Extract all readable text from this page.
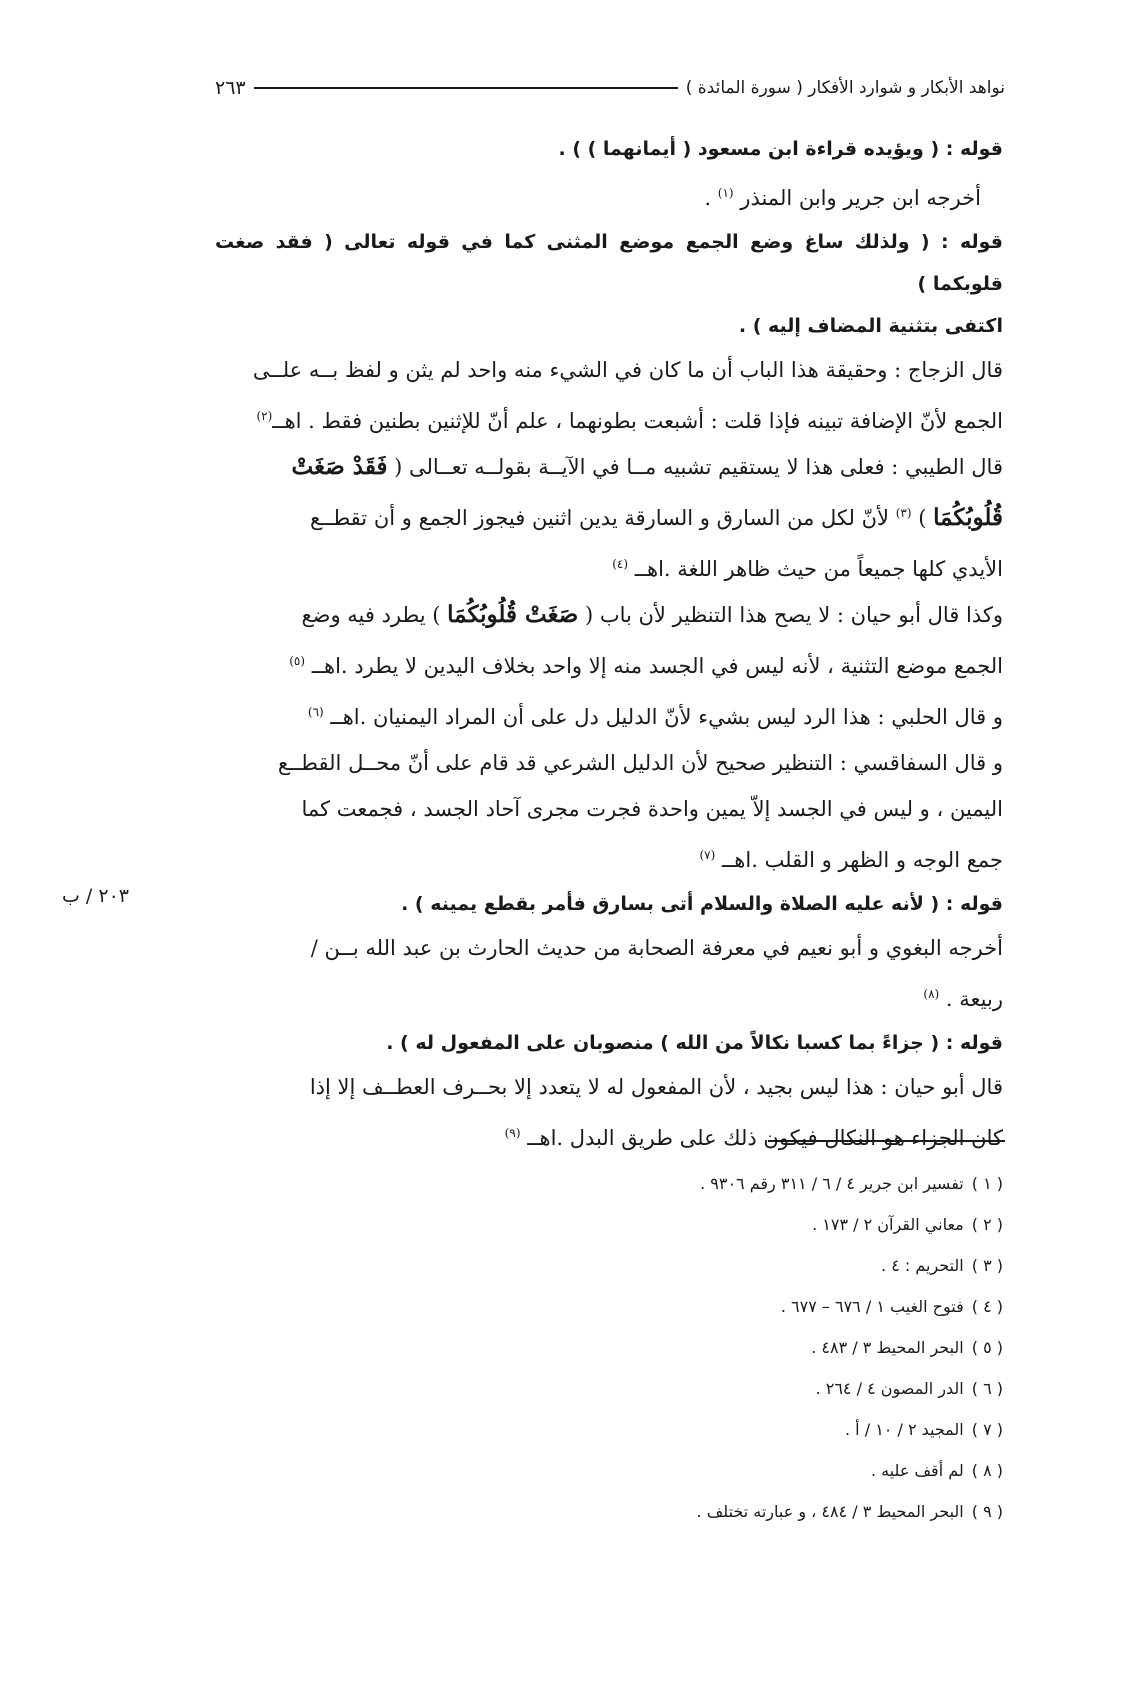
نواهد الأبكار و شوارد الأفكار ( سورة المائدة )
٢٦٣

قوله : ( ويؤيده قراءة ابن مسعود ( أيمانهما ) ) .

أخرجه ابن جرير وابن المنذر $^{(١)}$ .

قوله : ( ولذلك ساغ وضع الجمع موضع المثنى كما في قوله تعالى ( فقد صغت قلوبكما )

اكتفى بتثنية المضاف إليه ) .

قال الزجاج : وحقيقة هذا الباب أن ما كان في الشيء منه واحد لم يثن و لفظ بــه علــى

الجمع لأنّ الإضافة تبينه فإذا قلت : أشبعت بطونهما ، علم أنّ للإثنين بطنين فقط . اهــ$^{(٢)}$

قال الطيبي : فعلى هذا لا يستقيم تشبيه مــا في الآيــة بقولــه تعــالى ( فَقَدْ صَغَتْ

قُلُوبُكُمَا ) $^{(٣)}$ لأنّ لكل من السارق و السارقة يدين اثنين فيجوز الجمع و أن تقطــع

الأيدي كلها جميعاً من حيث ظاهر اللغة .اهــ $^{(٤)}$

وكذا قال أبو حيان : لا يصح هذا التنظير لأن باب ( صَغَتْ قُلُوبُكُمَا ) يطرد فيه وضع

الجمع موضع التثنية ، لأنه ليس في الجسد منه إلا واحد بخلاف اليدين لا يطرد .اهــ $^{(٥)}$

و قال الحلبي : هذا الرد ليس بشيء لأنّ الدليل دل على أن المراد اليمنيان .اهــ $^{(٦)}$

و قال السفاقسي : التنظير صحيح لأن الدليل الشرعي قد قام على أنّ محــل القطــع

اليمين ، و ليس في الجسد إلاّ يمين واحدة فجرت مجرى آحاد الجسد ، فجمعت كما

جمع الوجه و الظهر و القلب .اهــ $^{(٧)}$

قوله : ( لأنه عليه الصلاة والسلام أتى بسارق فأمر بقطع يمينه ) .

أخرجه البغوي و أبو نعيم في معرفة الصحابة من حديث الحارث بن عبد الله بــن /

ربيعة . $^{(٨)}$

قوله : ( جزاءً بما كسبا نكالاً من الله ) منصوبان على المفعول له ) .

قال أبو حيان : هذا ليس بجيد ، لأن المفعول له لا يتعدد إلا بحــرف العطــف إلا إذا

كان الجزاء هو النكال فيكون ذلك على طريق البدل .اهــ $^{(٩)}$

٢٠٣ / ب
( ١ )تفسير ابن جرير ٤ / ٦ / ٣١١ رقم ٩٣٠٦ .
( ٢ )معاني القرآن ٢ / ١٧٣ .
( ٣ )التحريم : ٤ .
( ٤ )فتوح الغيب ١ / ٦٧٦ – ٦٧٧ .
( ٥ )البحر المحيط ٣ / ٤٨٣ .
( ٦ )الدر المصون ٤ / ٢٦٤ .
( ٧ )المجيد ٢ / ١٠ / أ .
( ٨ )لم أقف عليه .
( ٩ )البحر المحيط ٣ / ٤٨٤ ، و عبارته تختلف .
